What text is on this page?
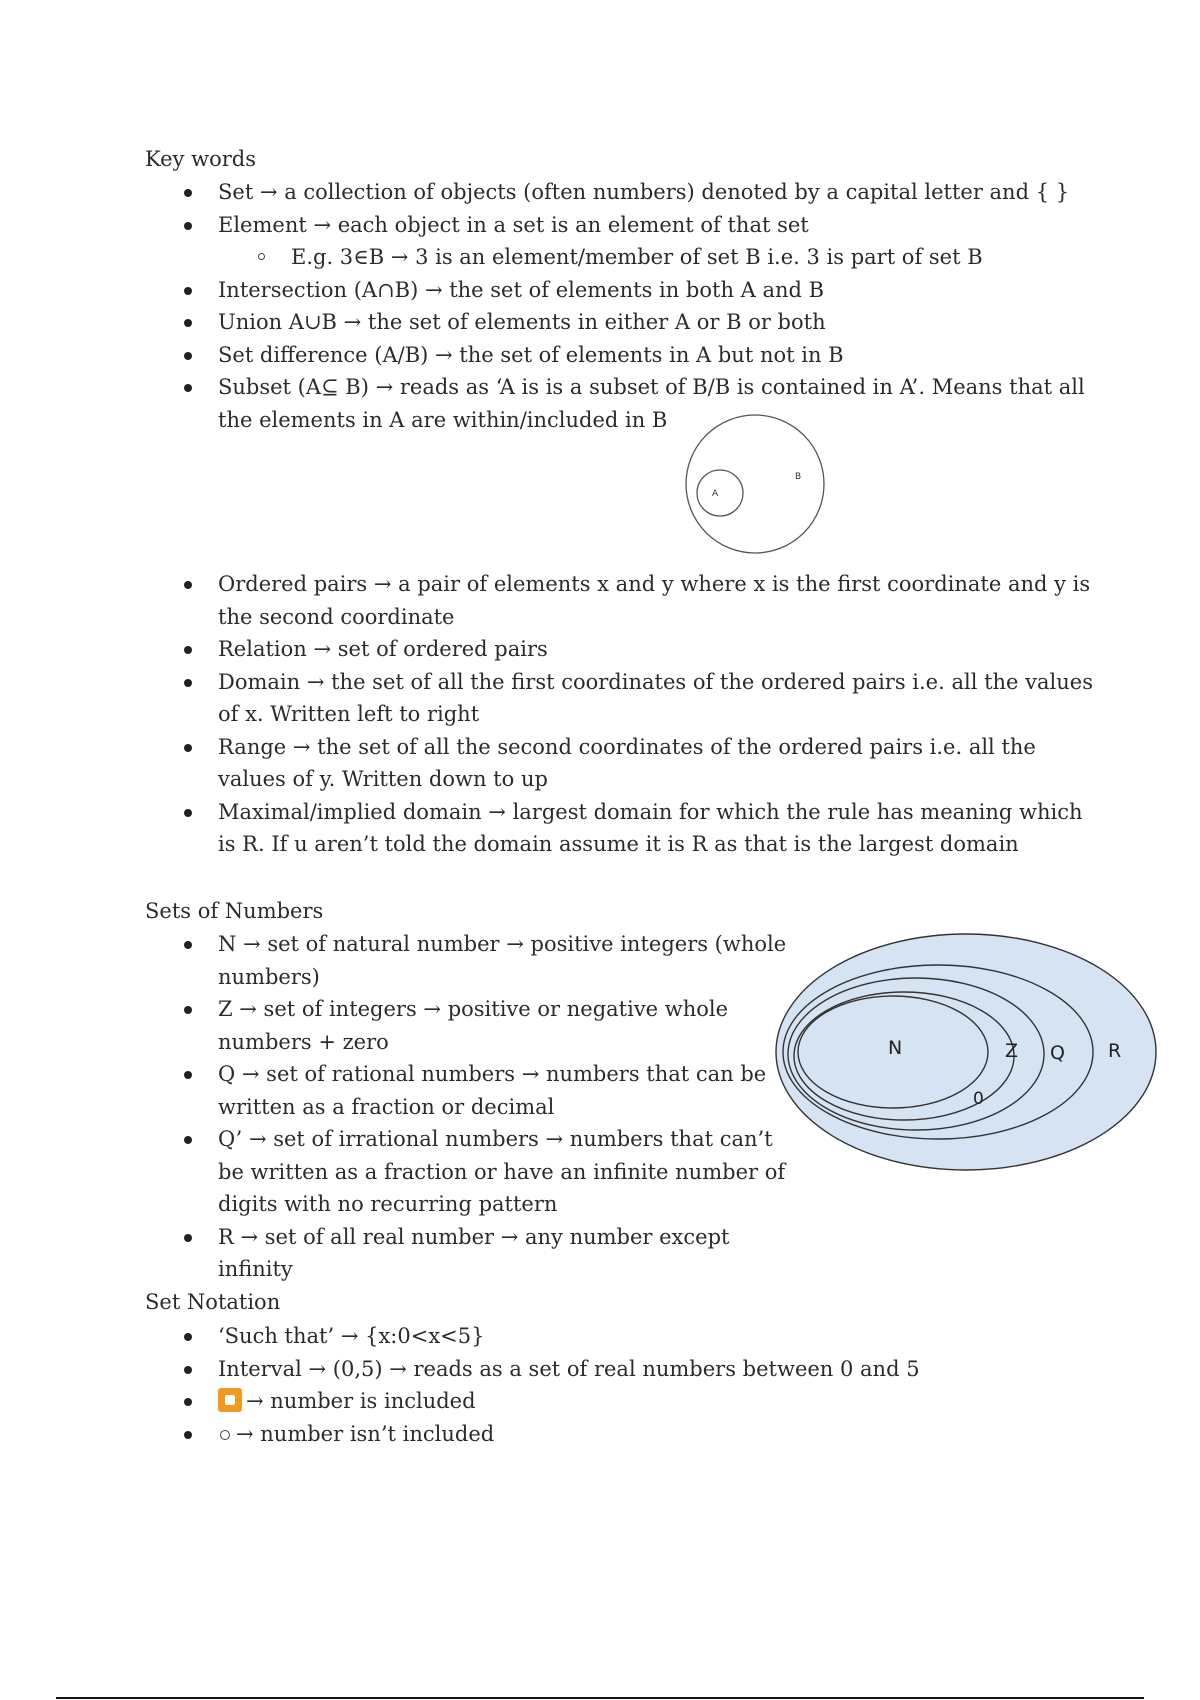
Key words
Set → a collection of objects (often numbers) denoted by a capital letter and { }
Element → each object in a set is an element of that set
E.g. 3∈B → 3 is an element/member of set B i.e. 3 is part of set B
Intersection (A∩B) → the set of elements in both A and B
Union A∪B → the set of elements in either A or B or both
Set difference (A/B) → the set of elements in A but not in B
Subset (A⊆ B) → reads as ‘A is is a subset of B/B is contained in A’. Means that all the elements in A are within/included in B
A
B
Ordered pairs → a pair of elements x and y where x is the first coordinate and y is the second coordinate
Relation → set of ordered pairs
Domain → the set of all the first coordinates of the ordered pairs i.e. all the values of x. Written left to right
Range → the set of all the second coordinates of the ordered pairs i.e. all the values of y. Written down to up
Maximal/implied domain → largest domain for which the rule has meaning which is R. If u aren’t told the domain assume it is R as that is the largest domain
Sets of Numbers
N → set of natural number → positive integers (whole numbers)
Z → set of integers → positive or negative whole numbers + zero
Q → set of rational numbers → numbers that can be written as a fraction or decimal
Q’ → set of irrational numbers → numbers that can’t be written as a fraction or have an infinite number of digits with no recurring pattern
R → set of all real number → any number except infinity
N
0
Z Q R
Set Notation
‘Such that’ → {x:0<x<5}
Interval → (0,5) → reads as a set of real numbers between 0 and 5
→ number is included
→ number isn’t included
